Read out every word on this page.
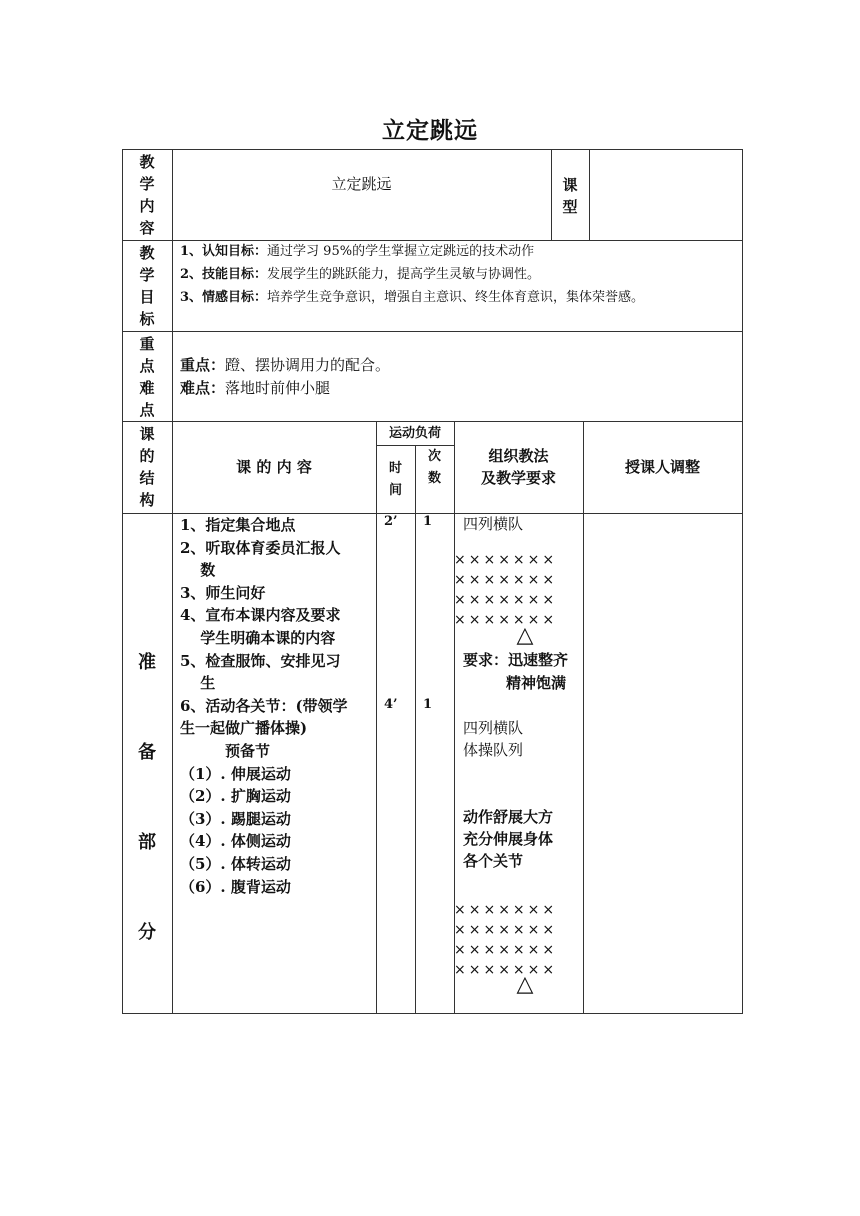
立定跳远
教
学
内
容
立定跳远	课
型
教
学
目
标
1、认知目标：通过学习 95%的学生掌握立定跳远的技术动作
2、技能目标：发展学生的跳跃能力，提高学生灵敏与协调性。
3、情感目标：培养学生竞争意识，增强自主意识、终生体育意识，集体荣誉感。
重
点
难
点
重点：蹬、摆协调用力的配合。
难点：落地时前伸小腿
课
的
结
构
课 的 内 容
运动负荷
时
间
次
数
组织教法
及教学要求
授课人调整
准
备
部
分
1、指定集合地点
2、听取体育委员汇报人
　 数
3、师生问好
4、宣布本课内容及要求
　 学生明确本课的内容
5、检查服饰、安排见习
　 生
6、活动各关节：(带领学
生一起做广播体操)
　　　预备节
（1）. 伸展运动
（2）. 扩胸运动
（3）. 踢腿运动
（4）. 体侧运动
（5）. 体转运动
（6）. 腹背运动
2’ 1
4’ 1
四列横队
×××××××
×××××××
×××××××
×××××××
△
要求：迅速整齐
精神饱满
四列横队
体操队列
动作舒展大方
充分伸展身体
各个关节
×××××××
×××××××
×××××××
×××××××
△
